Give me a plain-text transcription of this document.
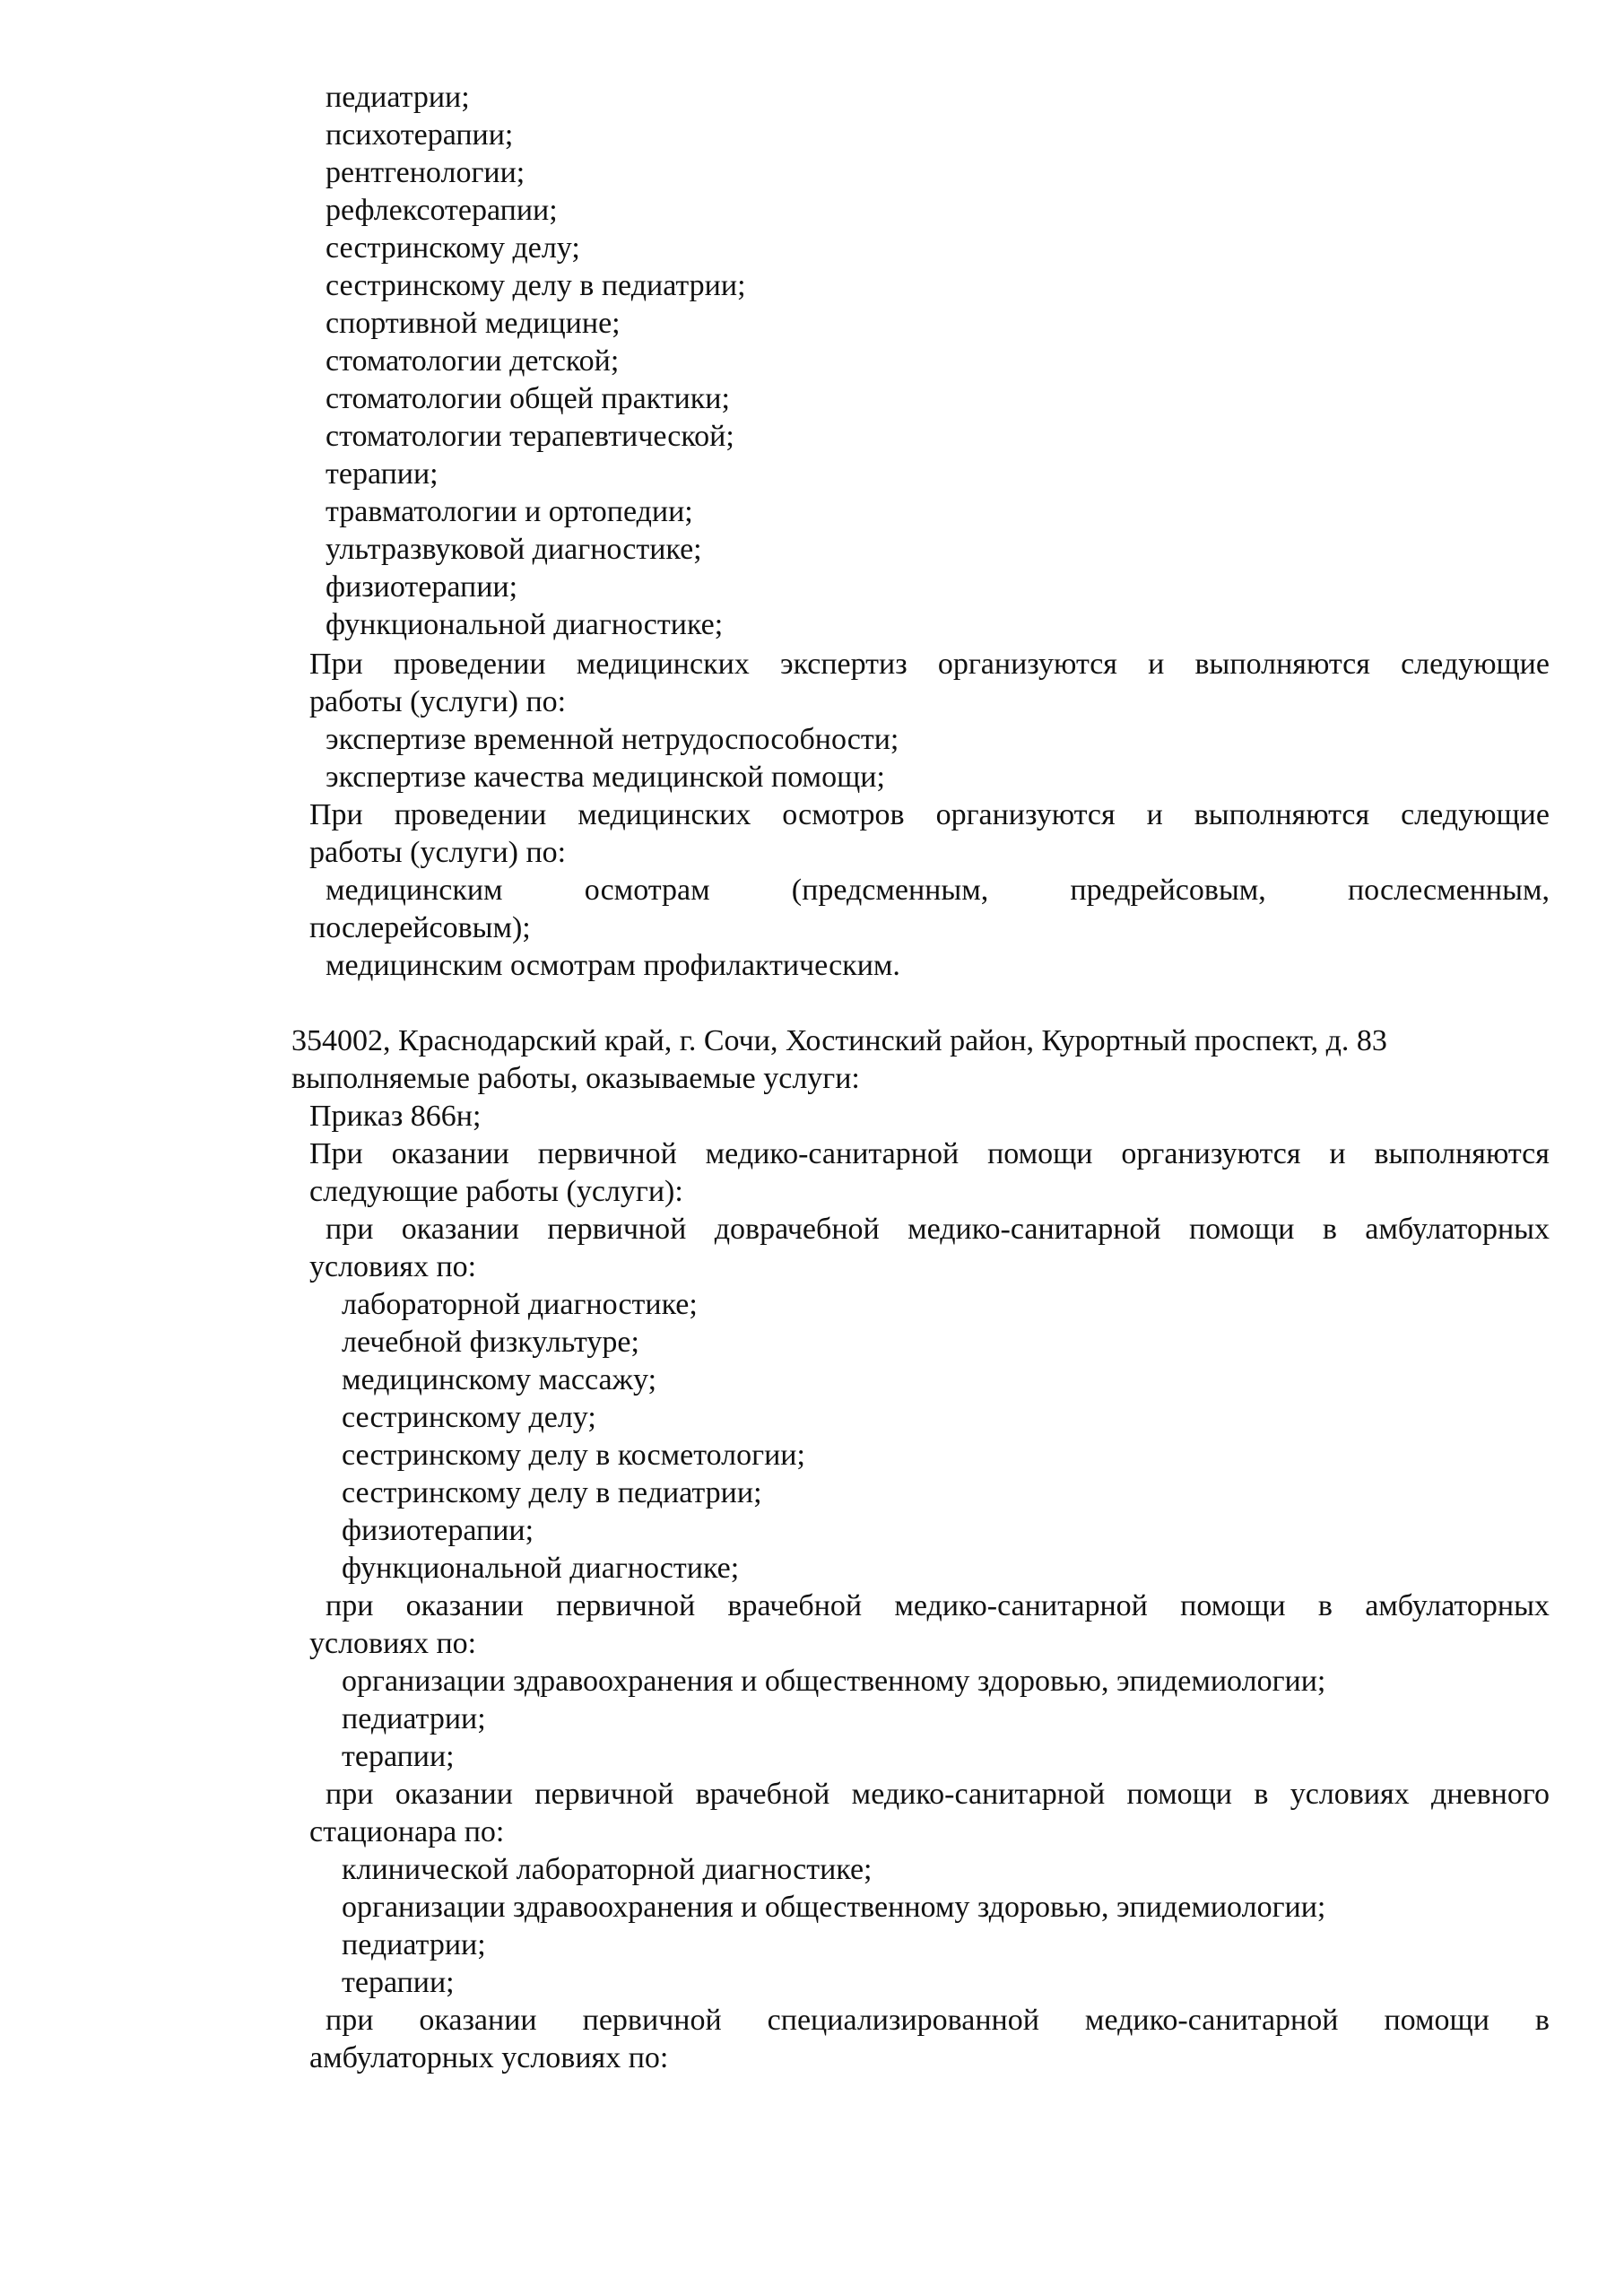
педиатрии;
психотерапии;
рентгенологии;
рефлексотерапии;
сестринскому делу;
сестринскому делу в педиатрии;
спортивной медицине;
стоматологии детской;
стоматологии общей практики;
стоматологии терапевтической;
терапии;
травматологии и ортопедии;
ультразвуковой диагностике;
физиотерапии;
функциональной диагностике;
При проведении медицинских экспертиз организуются и выполняются следующие
работы (услуги) по:
экспертизе временной нетрудоспособности;
экспертизе качества медицинской помощи;
При проведении медицинских осмотров организуются и выполняются следующие
работы (услуги) по:
медицинским	осмотрам	(предсменным,	предрейсовым,	послесменным,
послерейсовым);
медицинским осмотрам профилактическим.
354002, Краснодарский край, г. Сочи, Хостинский район, Курортный проспект, д. 83
выполняемые работы, оказываемые услуги:
Приказ 866н;
При оказании первичной медико-санитарной помощи организуются и выполняются
следующие работы (услуги):
при оказании первичной доврачебной медико-санитарной помощи в амбулаторных
условиях по:
лабораторной диагностике;
лечебной физкультуре;
медицинскому массажу;
сестринскому делу;
сестринскому делу в косметологии;
сестринскому делу в педиатрии;
физиотерапии;
функциональной диагностике;
при оказании первичной врачебной медико-санитарной помощи в амбулаторных
условиях по:
организации здравоохранения и общественному здоровью, эпидемиологии;
педиатрии;
терапии;
при оказании первичной врачебной медико-санитарной помощи в условиях дневного
стационара по:
клинической лабораторной диагностике;
организации здравоохранения и общественному здоровью, эпидемиологии;
педиатрии;
терапии;
при оказании первичной специализированной медико-санитарной помощи в
амбулаторных условиях по:
